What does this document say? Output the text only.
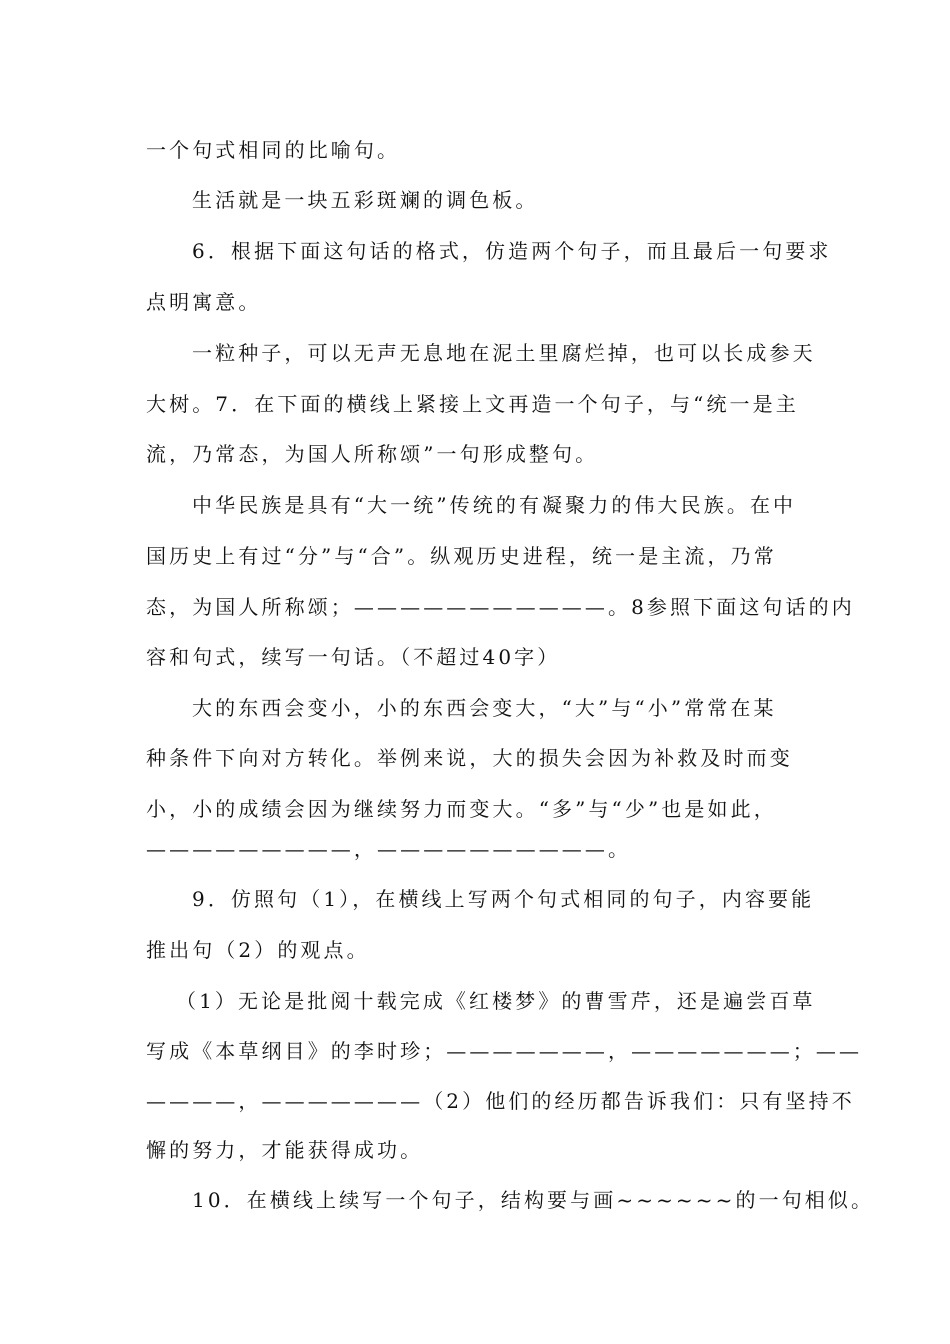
一个句式相同的比喻句。
生活就是一块五彩斑斓的调色板。
6．根据下面这句话的格式，仿造两个句子，而且最后一句要求
点明寓意。
一粒种子，可以无声无息地在泥土里腐烂掉，也可以长成参天
大树。7．在下面的横线上紧接上文再造一个句子，与“统一是主
流，乃常态，为国人所称颂”一句形成整句。
中华民族是具有“大一统”传统的有凝聚力的伟大民族。在中
国历史上有过“分”与“合”。纵观历史进程，统一是主流，乃常
态，为国人所称颂；———————————。8参照下面这句话的内
容和句式，续写一句话。（不超过40字）
大的东西会变小，小的东西会变大，“大”与“小”常常在某
种条件下向对方转化。举例来说，大的损失会因为补救及时而变
小，小的成绩会因为继续努力而变大。“多”与“少”也是如此，
—————————，——————————。
9．仿照句（1），在横线上写两个句式相同的句子，内容要能
推出句（2）的观点。
（1）无论是批阅十载完成《红楼梦》的曹雪芹，还是遍尝百草
写成《本草纲目》的李时珍；———————，———————；——
————，———————（2）他们的经历都告诉我们：只有坚持不
懈的努力，才能获得成功。
10．在横线上续写一个句子，结构要与画~~~~~~的一句相似。
